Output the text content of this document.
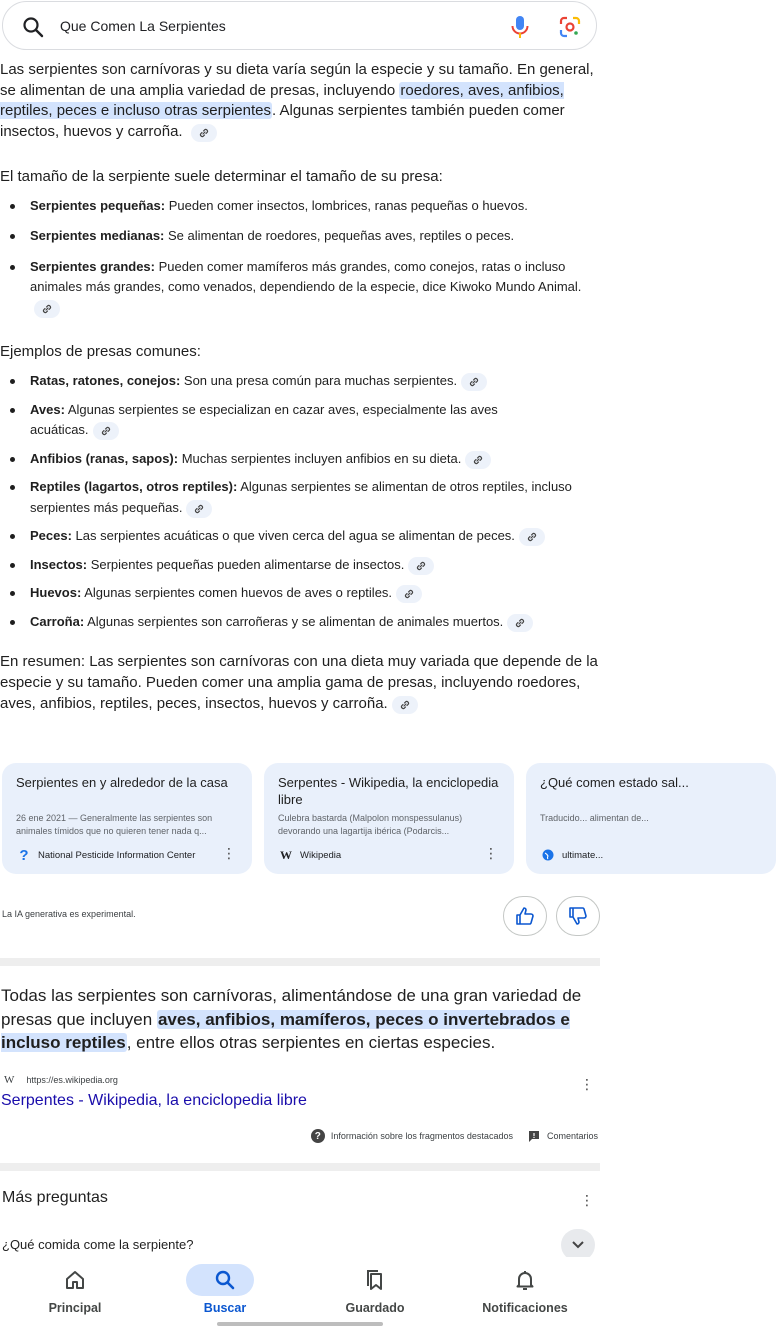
Que Comen La Serpientes

Las serpientes son carnívoras y su dieta varía según la especie y su tamaño. En general, se alimentan de una amplia variedad de presas, incluyendo roedores, aves, anfibios, reptiles, peces e incluso otras serpientes. Algunas serpientes también pueden comer insectos, huevos y carroña.

El tamaño de la serpiente suele determinar el tamaño de su presa:

Serpientes pequeñas: Pueden comer insectos, lombrices, ranas pequeñas o huevos.
Serpientes medianas: Se alimentan de roedores, pequeñas aves, reptiles o peces.
Serpientes grandes: Pueden comer mamíferos más grandes, como conejos, ratas o incluso animales más grandes, como venados, dependiendo de la especie, dice Kiwoko Mundo Animal.

Ejemplos de presas comunes:

Ratas, ratones, conejos: Son una presa común para muchas serpientes.
Aves: Algunas serpientes se especializan en cazar aves, especialmente las aves acuáticas.
Anfibios (ranas, sapos): Muchas serpientes incluyen anfibios en su dieta.
Reptiles (lagartos, otros reptiles): Algunas serpientes se alimentan de otros reptiles, incluso serpientes más pequeñas.
Peces: Las serpientes acuáticas o que viven cerca del agua se alimentan de peces.
Insectos: Serpientes pequeñas pueden alimentarse de insectos.
Huevos: Algunas serpientes comen huevos de aves o reptiles.
Carroña: Algunas serpientes son carroñeras y se alimentan de animales muertos.

En resumen: Las serpientes son carnívoras con una dieta muy variada que depende de la especie y su tamaño. Pueden comer una amplia gama de presas, incluyendo roedores, aves, anfibios, reptiles, peces, insectos, huevos y carroña.

Serpientes en y alrededor de la casa
26 ene 2021 — Generalmente las serpientes son animales tímidos que no quieren tener nada q...
? National Pesticide Information Center ⋮
Serpentes - Wikipedia, la enciclopedia libre
Culebra bastarda (Malpolon monspessulanus) devorando una lagartija ibérica (Podarcis...
W Wikipedia	⋮
¿Qué comen estado sal...
Traducido... alimentan de...
ultimate...
La IA generativa es experimental.
Todas las serpientes son carnívoras, alimentándose de una gran variedad de presas que incluyen aves, anfibios, mamíferos, peces o invertebrados e incluso reptiles, entre ellos otras serpientes en ciertas especies.
W https://es.wikipedia.org	⋮
Serpentes - Wikipedia, la enciclopedia libre
?	Información sobre los fragmentos destacados	Comentarios
Más preguntas	⋮
¿Qué comida come la serpiente?
Principal	Buscar	Guardado	Notificaciones
